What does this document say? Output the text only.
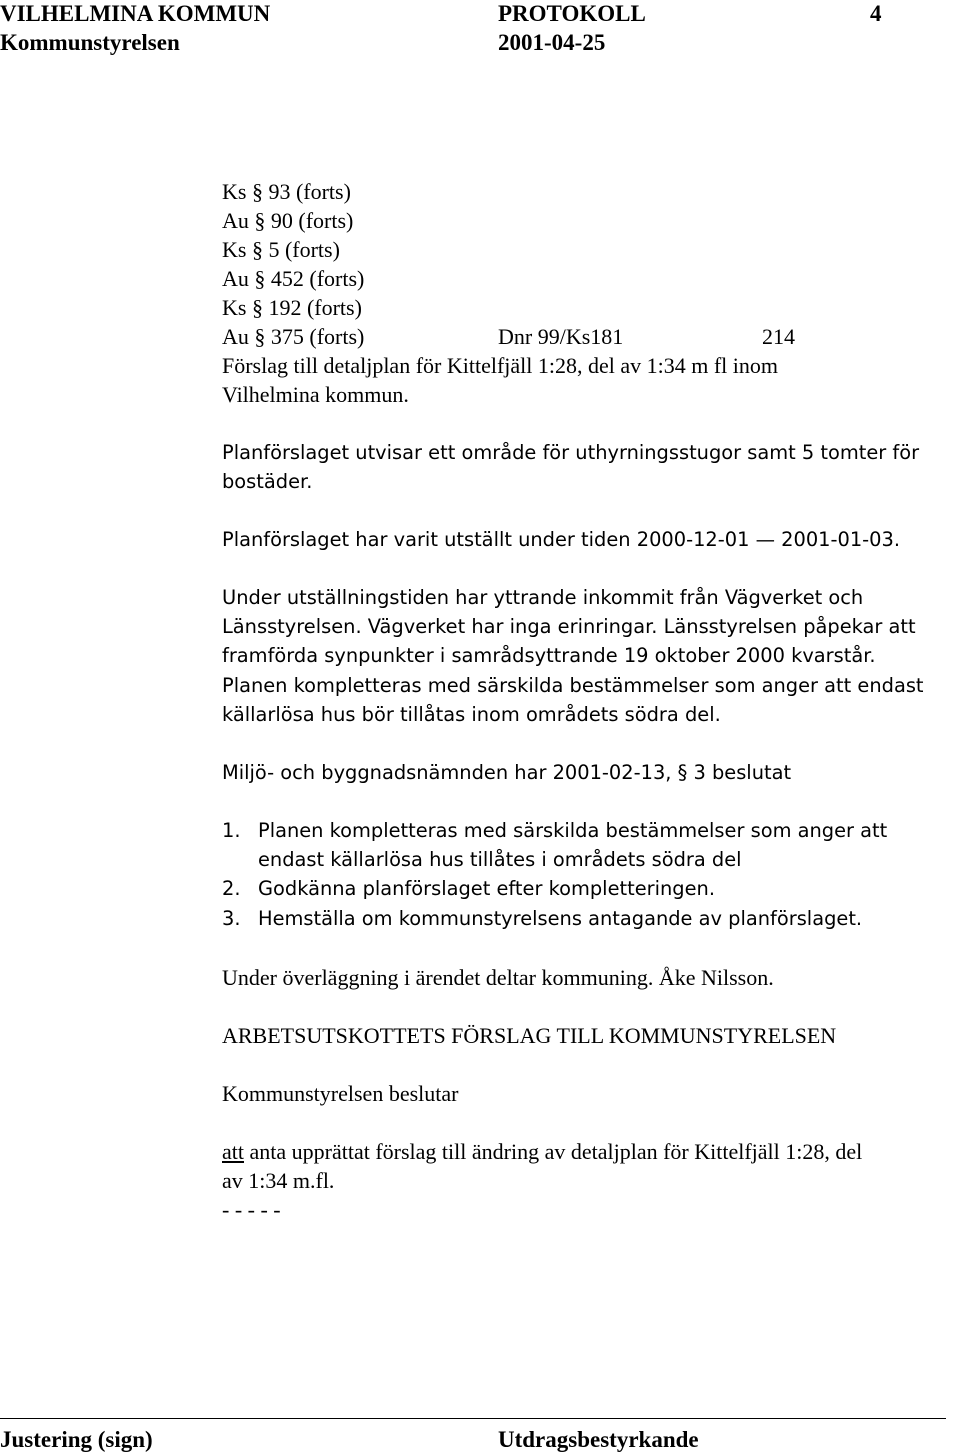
VILHELMINA KOMMUN	PROTOKOLL	4
Kommunstyrelsen	2001-04-25
Ks § 93 (forts)
Au § 90 (forts)
Ks § 5 (forts)
Au § 452 (forts)
Ks § 192 (forts)
Au § 375 (forts)	Dnr 99/Ks181	214
Förslag till detaljplan för Kittelfjäll 1:28, del av 1:34 m fl inom
Vilhelmina kommun.
Planförslaget utvisar ett område för uthyrningsstugor samt 5 tomter för
bostäder.
Planförslaget har varit utställt under tiden 2000-12-01 — 2001-01-03.
Under utställningstiden har yttrande inkommit från Vägverket och
Länsstyrelsen. Vägverket har inga erinringar. Länsstyrelsen påpekar att
framförda synpunkter i samrådsyttrande 19 oktober 2000 kvarstår.
Planen kompletteras med särskilda bestämmelser som anger att endast
källarlösa hus bör tillåtas inom områdets södra del.
Miljö- och byggnadsnämnden har 2001-02-13, § 3 beslutat
1. Planen kompletteras med särskilda bestämmelser som anger att
endast källarlösa hus tillåtes i områdets södra del
2. Godkänna planförslaget efter kompletteringen.
3. Hemställa om kommunstyrelsens antagande av planförslaget.
Under överläggning i ärendet deltar kommuning. Åke Nilsson.
ARBETSUTSKOTTETS FÖRSLAG TILL KOMMUNSTYRELSEN
Kommunstyrelsen beslutar
att anta upprättat förslag till ändring av detaljplan för Kittelfjäll 1:28, del
av 1:34 m.fl.
- - - - -
Justering (sign)	Utdragsbestyrkande
